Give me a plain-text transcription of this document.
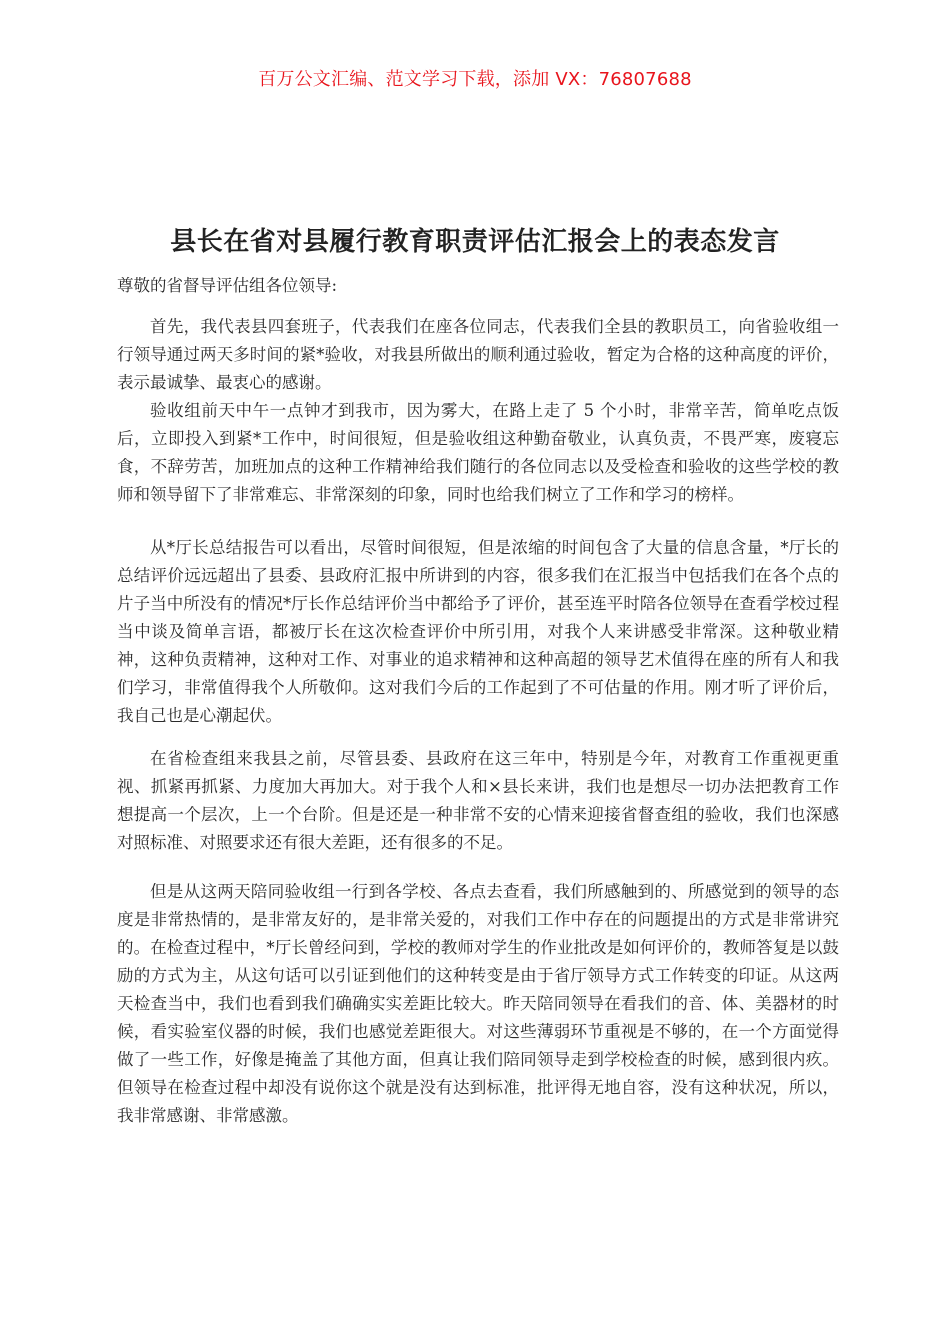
百万公文汇编、范文学习下载，添加 VX：76807688
县长在省对县履行教育职责评估汇报会上的表态发言
尊敬的省督导评估组各位领导:

首先，我代表县四套班子，代表我们在座各位同志，代表我们全县的教职员工，向省验收组一行领导通过两天多时间的紧*验收，对我县所做出的顺利通过验收，暂定为合格的这种高度的评价，表示最诚挚、最衷心的感谢。

验收组前天中午一点钟才到我市，因为雾大，在路上走了 5 个小时，非常辛苦，简单吃点饭后，立即投入到紧*工作中，时间很短，但是验收组这种勤奋敬业，认真负责，不畏严寒，废寝忘食，不辞劳苦，加班加点的这种工作精神给我们随行的各位同志以及受检查和验收的这些学校的教师和领导留下了非常难忘、非常深刻的印象，同时也给我们树立了工作和学习的榜样。

从*厅长总结报告可以看出，尽管时间很短，但是浓缩的时间包含了大量的信息含量，*厅长的总结评价远远超出了县委、县政府汇报中所讲到的内容，很多我们在汇报当中包括我们在各个点的片子当中所没有的情况*厅长作总结评价当中都给予了评价，甚至连平时陪各位领导在查看学校过程当中谈及简单言语，都被厅长在这次检查评价中所引用，对我个人来讲感受非常深。这种敬业精神，这种负责精神，这种对工作、对事业的追求精神和这种高超的领导艺术值得在座的所有人和我们学习，非常值得我个人所敬仰。这对我们今后的工作起到了不可估量的作用。刚才听了评价后，我自己也是心潮起伏。

在省检查组来我县之前，尽管县委、县政府在这三年中，特别是今年，对教育工作重视更重视、抓紧再抓紧、力度加大再加大。对于我个人和×县长来讲，我们也是想尽一切办法把教育工作想提高一个层次，上一个台阶。但是还是一种非常不安的心情来迎接省督查组的验收，我们也深感对照标准、对照要求还有很大差距，还有很多的不足。

但是从这两天陪同验收组一行到各学校、各点去查看，我们所感触到的、所感觉到的领导的态度是非常热情的，是非常友好的，是非常关爱的，对我们工作中存在的问题提出的方式是非常讲究的。在检查过程中，*厅长曾经问到，学校的教师对学生的作业批改是如何评价的，教师答复是以鼓励的方式为主，从这句话可以引证到他们的这种转变是由于省厅领导方式工作转变的印证。从这两天检查当中，我们也看到我们确确实实差距比较大。昨天陪同领导在看我们的音、体、美器材的时候，看实验室仪器的时候，我们也感觉差距很大。对这些薄弱环节重视是不够的，在一个方面觉得做了一些工作，好像是掩盖了其他方面，但真让我们陪同领导走到学校检查的时候，感到很内疚。但领导在检查过程中却没有说你这个就是没有达到标准，批评得无地自容，没有这种状况，所以，我非常感谢、非常感激。
